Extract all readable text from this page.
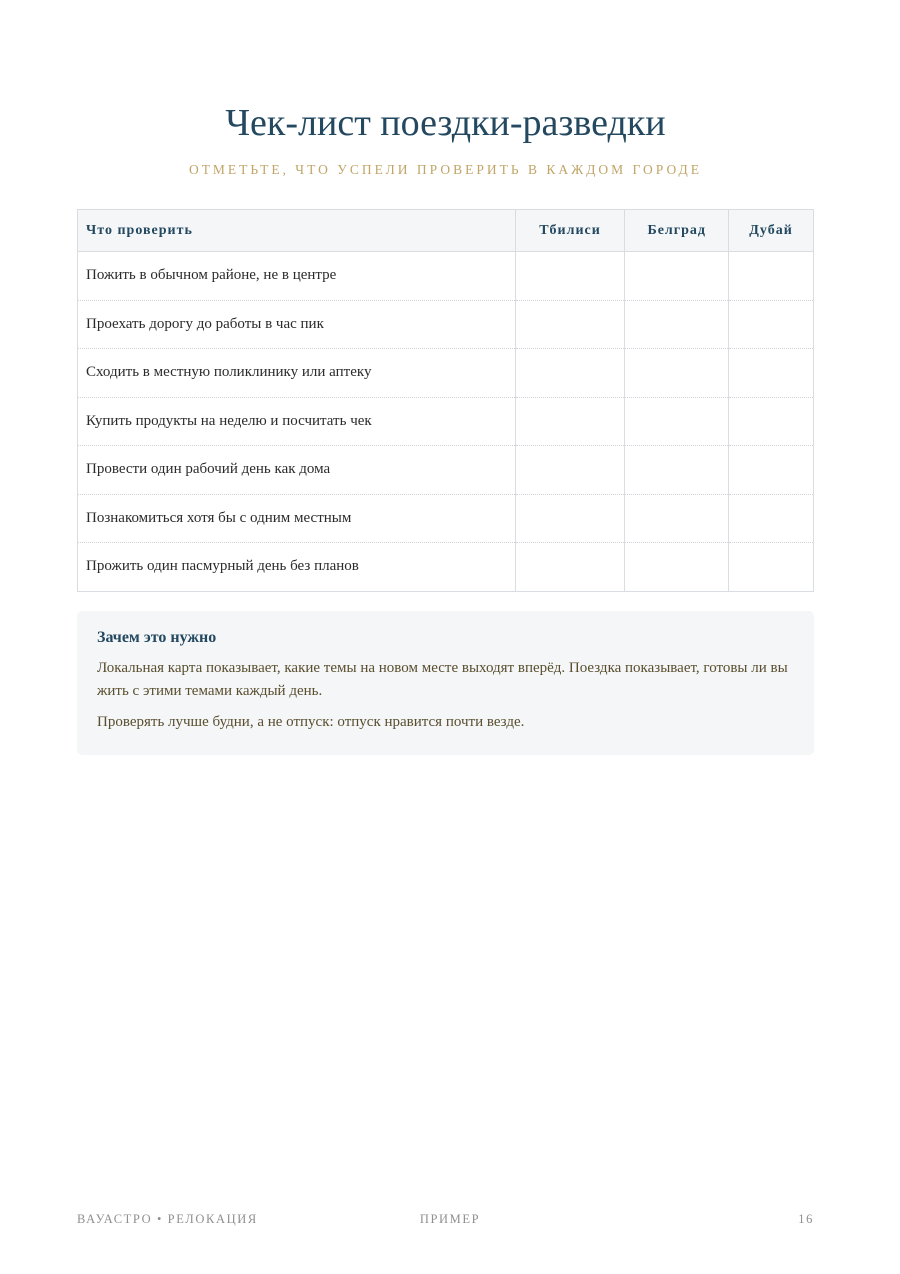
Чек-лист поездки-разведки
ОТМЕТЬТЕ, ЧТО УСПЕЛИ ПРОВЕРИТЬ В КАЖДОМ ГОРОДЕ
Что проверить	Тбилиси	Белград	Дубай
Пожить в обычном районе, не в центре			
Проехать дорогу до работы в час пик			
Сходить в местную поликлинику или аптеку			
Купить продукты на неделю и посчитать чек			
Провести один рабочий день как дома			
Познакомиться хотя бы с одним местным			
Прожить один пасмурный день без планов			
Зачем это нужно

Локальная карта показывает, какие темы на новом месте выходят вперёд. Поездка показывает, готовы ли вы жить с этими темами каждый день.

Проверять лучше будни, а не отпуск: отпуск нравится почти везде.

ВАУАСТРО • РЕЛОКАЦИЯ	ПРИМЕР	16
